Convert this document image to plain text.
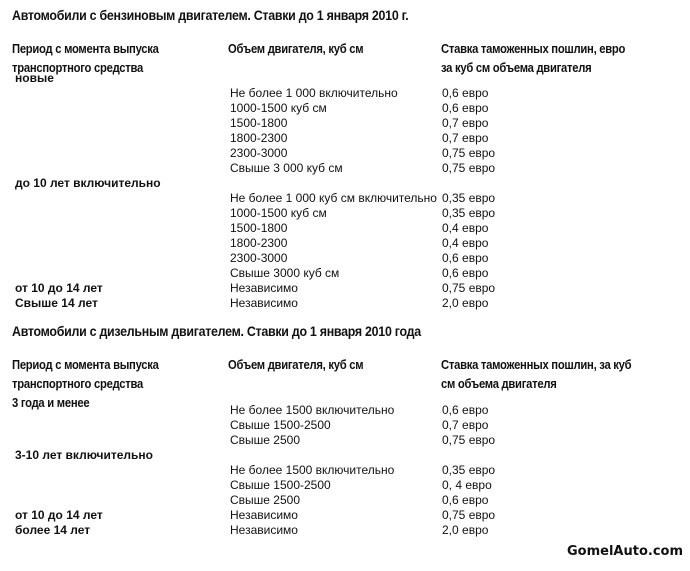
Автомобили с бензиновым двигателем. Ставки до 1 января 2010 г.
Период с момента выпуска
транспортного средства
Объем двигателя, куб см	Ставка таможенных пошлин, евро
за куб см объема двигателя
новые
Не более 1 000 включительно	0,6 евро
1000-1500 куб см	0,6 евро
1500-1800	0,7 евро
1800-2300	0,7 евро
2300-3000	0,75 евро
Свыше 3 000 куб см	0,75 евро
до 10 лет включительно
Не более 1 000 куб см включительно 0,35 евро
1000-1500 куб см	0,35 евро
1500-1800	0,4 евро
1800-2300	0,4 евро
2300-3000	0,6 евро
Свыше 3000 куб см	0,6 евро
от 10 до 14 лет	Независимо	0,75 евро
Свыше 14 лет	Независимо	2,0 евро
Автомобили с дизельным двигателем. Ставки до 1 января 2010 года
Период с момента выпуска
транспортного средства
3 года и менее
Объем двигателя, куб см	Ставка таможенных пошлин, за куб
см объема двигателя
Не более 1500 включительно	0,6 евро
Свыше 1500-2500	0,7 евро
Свыше 2500	0,75 евро
3-10 лет включительно
Не более 1500 включительно	0,35 евро
Свыше 1500-2500	0, 4 евро
Свыше 2500	0,6 евро
от 10 до 14 лет	Независимо	0,75 евро
более 14 лет	Независимо	2,0 евро
GomelAuto.com
